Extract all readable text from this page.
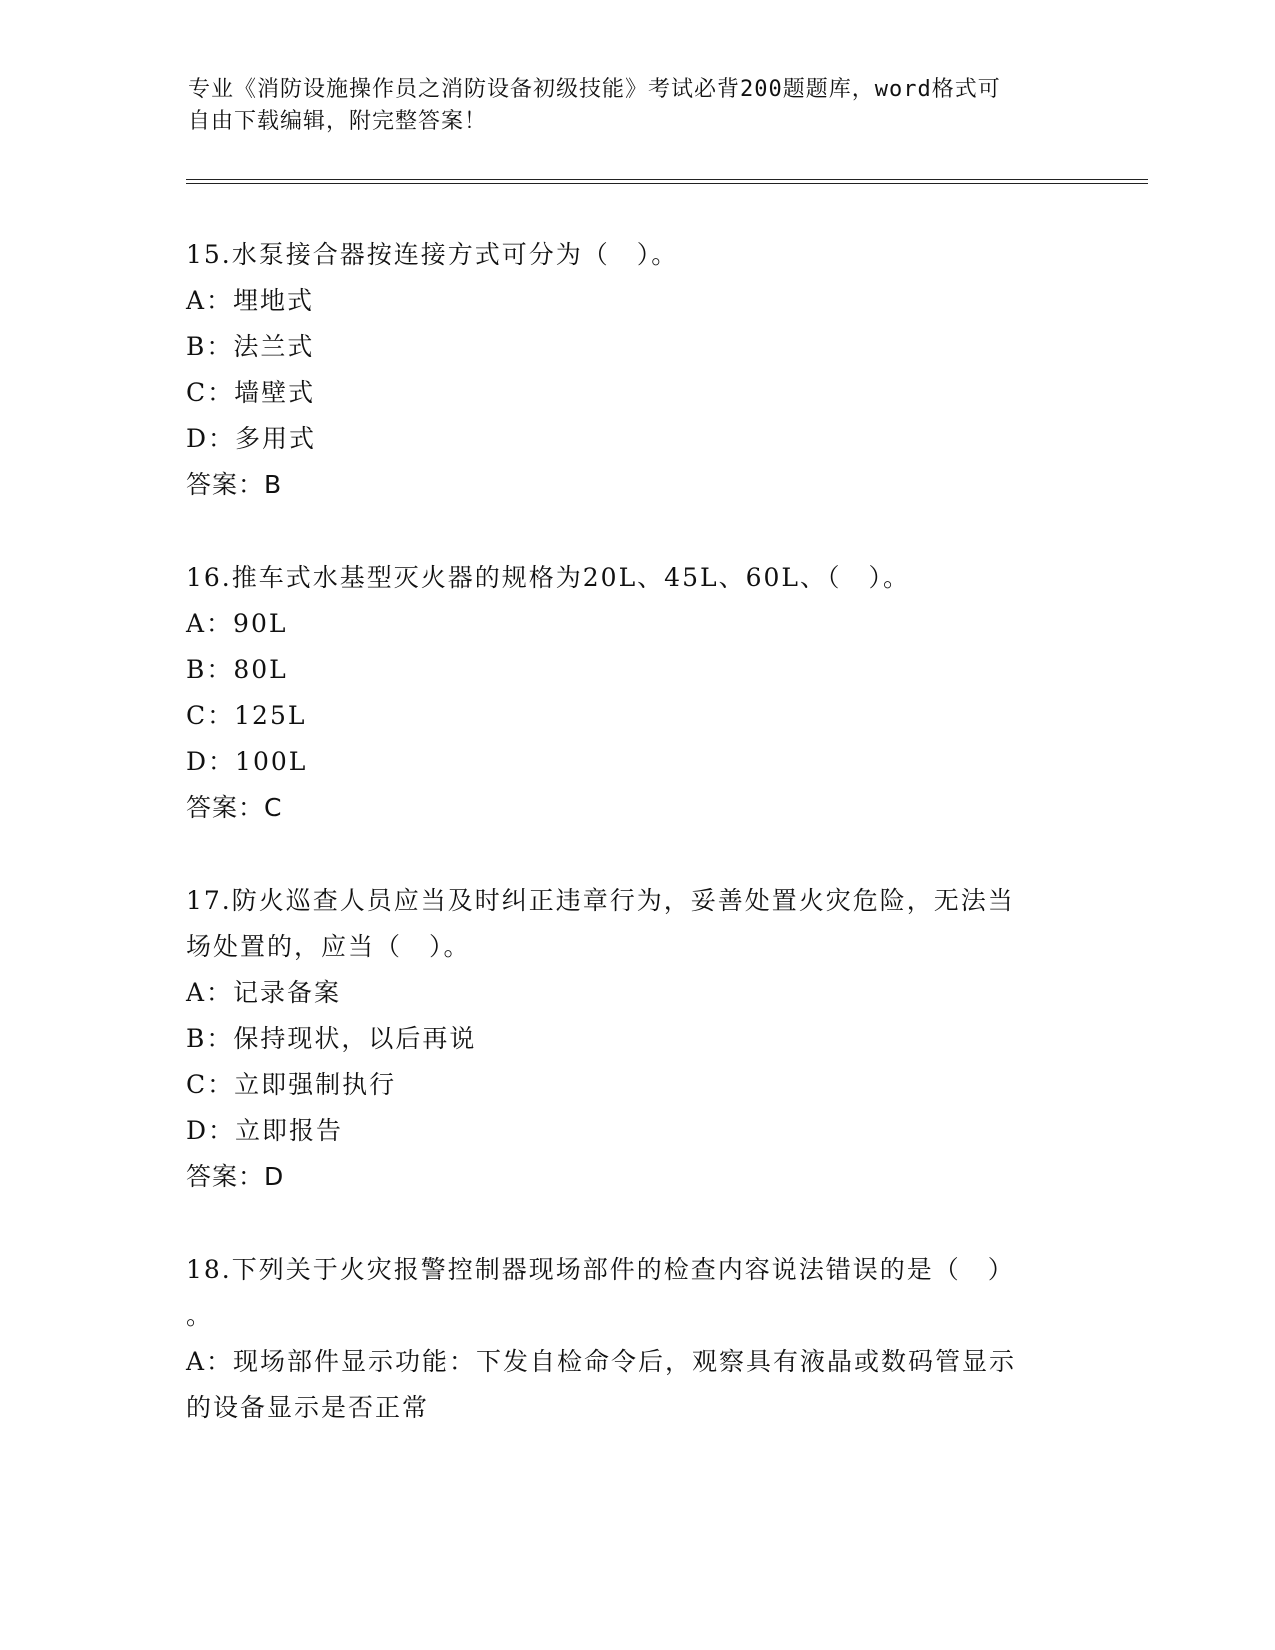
专业《消防设施操作员之消防设备初级技能》考试必背200题题库，word格式可
自由下载编辑，附完整答案！
15.水泵接合器按连接方式可分为（　）。
A：埋地式
B：法兰式
C：墙壁式
D：多用式
答案：B
16.推车式水基型灭火器的规格为20L、45L、60L、（　）。
A：90L
B：80L
C：125L
D：100L
答案：C
17.防火巡查人员应当及时纠正违章行为，妥善处置火灾危险，无法当
场处置的，应当（　）。
A：记录备案
B：保持现状，以后再说
C：立即强制执行
D：立即报告
答案：D
18.下列关于火灾报警控制器现场部件的检查内容说法错误的是（　）
。
A：现场部件显示功能：下发自检命令后，观察具有液晶或数码管显示
的设备显示是否正常
